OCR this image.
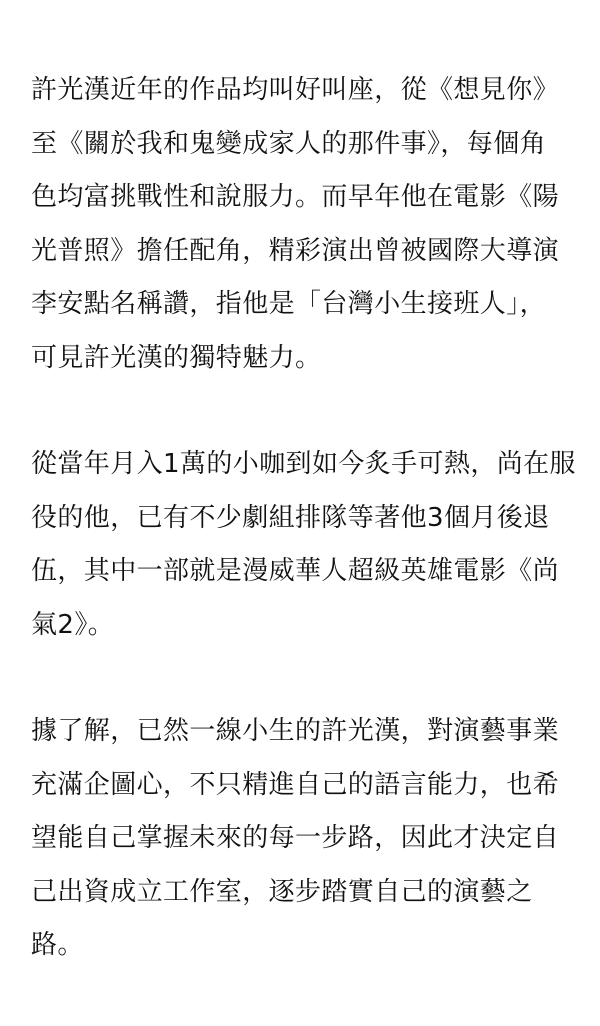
許光漢近年的作品均叫好叫座，從《想見你》
至《關於我和鬼變成家人的那件事》，每個角
色均富挑戰性和說服力。而早年他在電影《陽
光普照》擔任配角，精彩演出曾被國際大導演
李安點名稱讚，指他是「台灣小生接班人」，
可見許光漢的獨特魅力。
從當年月入1萬的小咖到如今炙手可熱，尚在服
役的他，已有不少劇組排隊等著他3個月後退
伍，其中一部就是漫威華人超級英雄電影《尚
氣2》。
據了解，已然一線小生的許光漢，對演藝事業
充滿企圖心，不只精進自己的語言能力，也希
望能自己掌握未來的每一步路，因此才決定自
己出資成立工作室，逐步踏實自己的演藝之
路。
